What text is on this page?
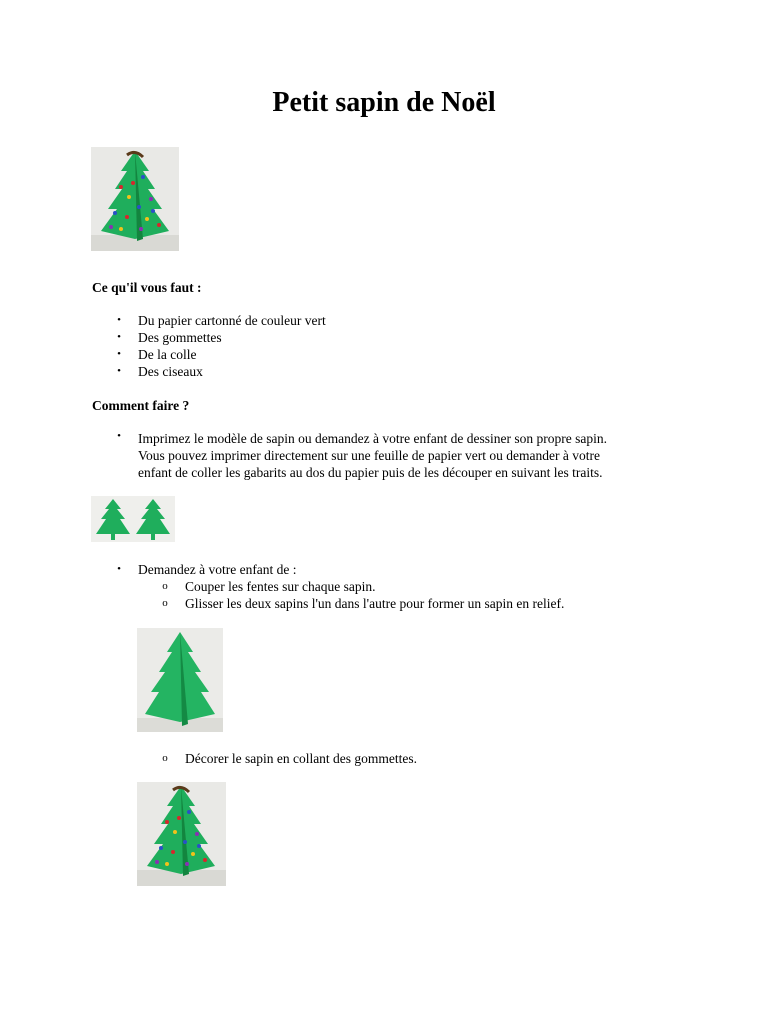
Petit sapin de Noël
Ce qu'il vous faut :
• Du papier cartonné de couleur vert
• Des gommettes
• De la colle
• Des ciseaux
Comment faire ?
• Imprimez le modèle de sapin ou demandez à votre enfant de dessiner son propre sapin.
Vous pouvez imprimer directement sur une feuille de papier vert ou demander à votre
enfant de coller les gabarits au dos du papier puis de les découper en suivant les traits.
• Demandez à votre enfant de :
o Couper les fentes sur chaque sapin.
o Glisser les deux sapins l'un dans l'autre pour former un sapin en relief.
o Décorer le sapin en collant des gommettes.
